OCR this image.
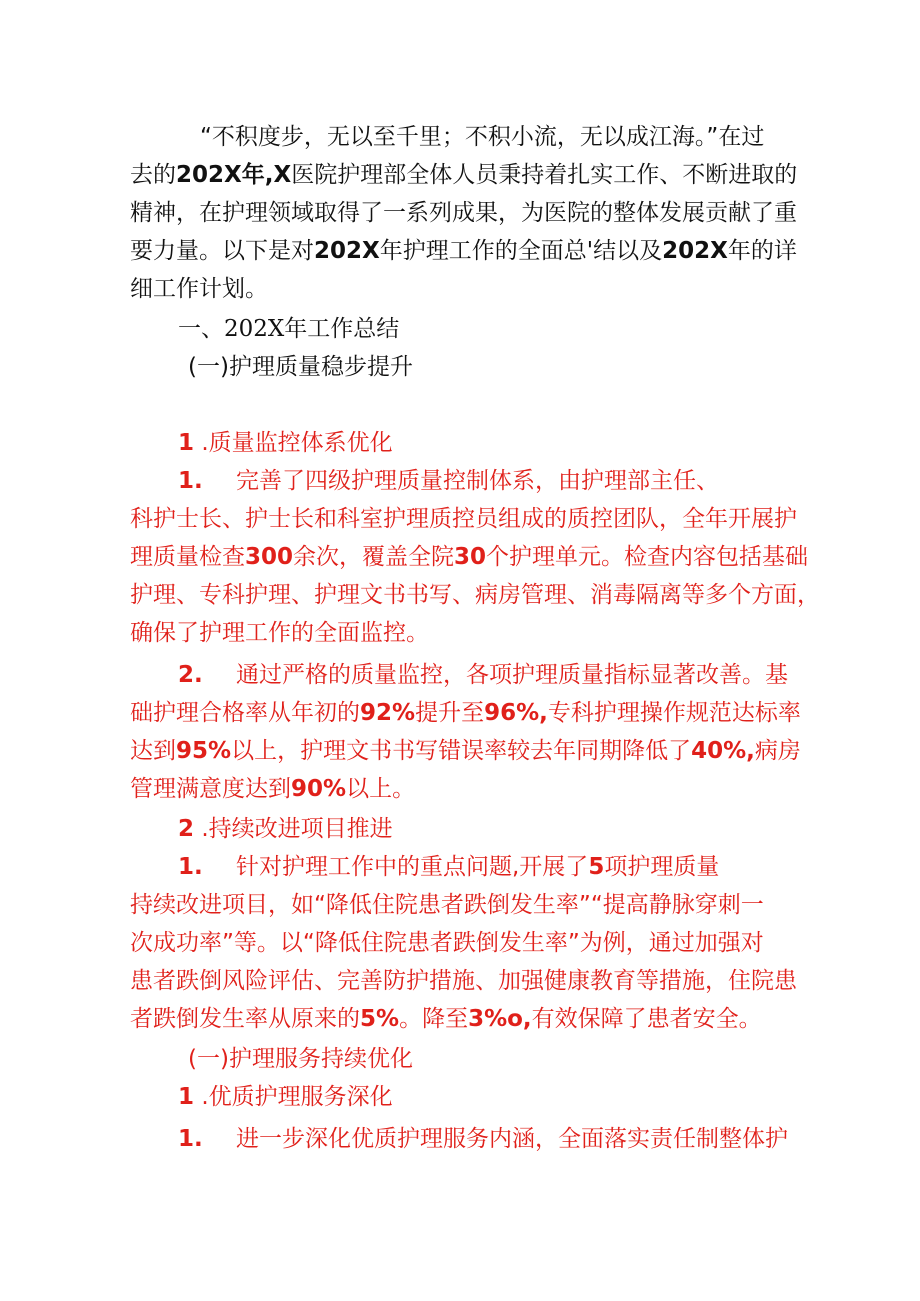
“不积度步，无以至千里；不积小流，无以成江海。”在过
去的202X年,X医院护理部全体人员秉持着扎实工作、不断进取的
精神，在护理领域取得了一系列成果，为医院的整体发展贡献了重
要力量。以下是对202X年护理工作的全面总'结以及202X年的详
细工作计划。
一、202X年工作总结
(一)护理质量稳步提升
1 .质量监控体系优化
1. 完善了四级护理质量控制体系，由护理部主任、
科护士长、护士长和科室护理质控员组成的质控团队，全年开展护
理质量检查300余次，覆盖全院30个护理单元。检查内容包括基础
护理、专科护理、护理文书书写、病房管理、消毒隔离等多个方面，
确保了护理工作的全面监控。
2. 通过严格的质量监控，各项护理质量指标显著改善。基
础护理合格率从年初的92%提升至96%,专科护理操作规范达标率
达到95%以上，护理文书书写错误率较去年同期降低了40%,病房
管理满意度达到90%以上。
2 .持续改进项目推进
1. 针对护理工作中的重点问题,开展了5项护理质量
持续改进项目，如“降低住院患者跌倒发生率”“提高静脉穿刺一
次成功率”等。以“降低住院患者跌倒发生率”为例，通过加强对
患者跌倒风险评估、完善防护措施、加强健康教育等措施，住院患
者跌倒发生率从原来的5%。降至3%o,有效保障了患者安全。
(一)护理服务持续优化
1 .优质护理服务深化
1. 进一步深化优质护理服务内涵，全面落实责任制整体护
